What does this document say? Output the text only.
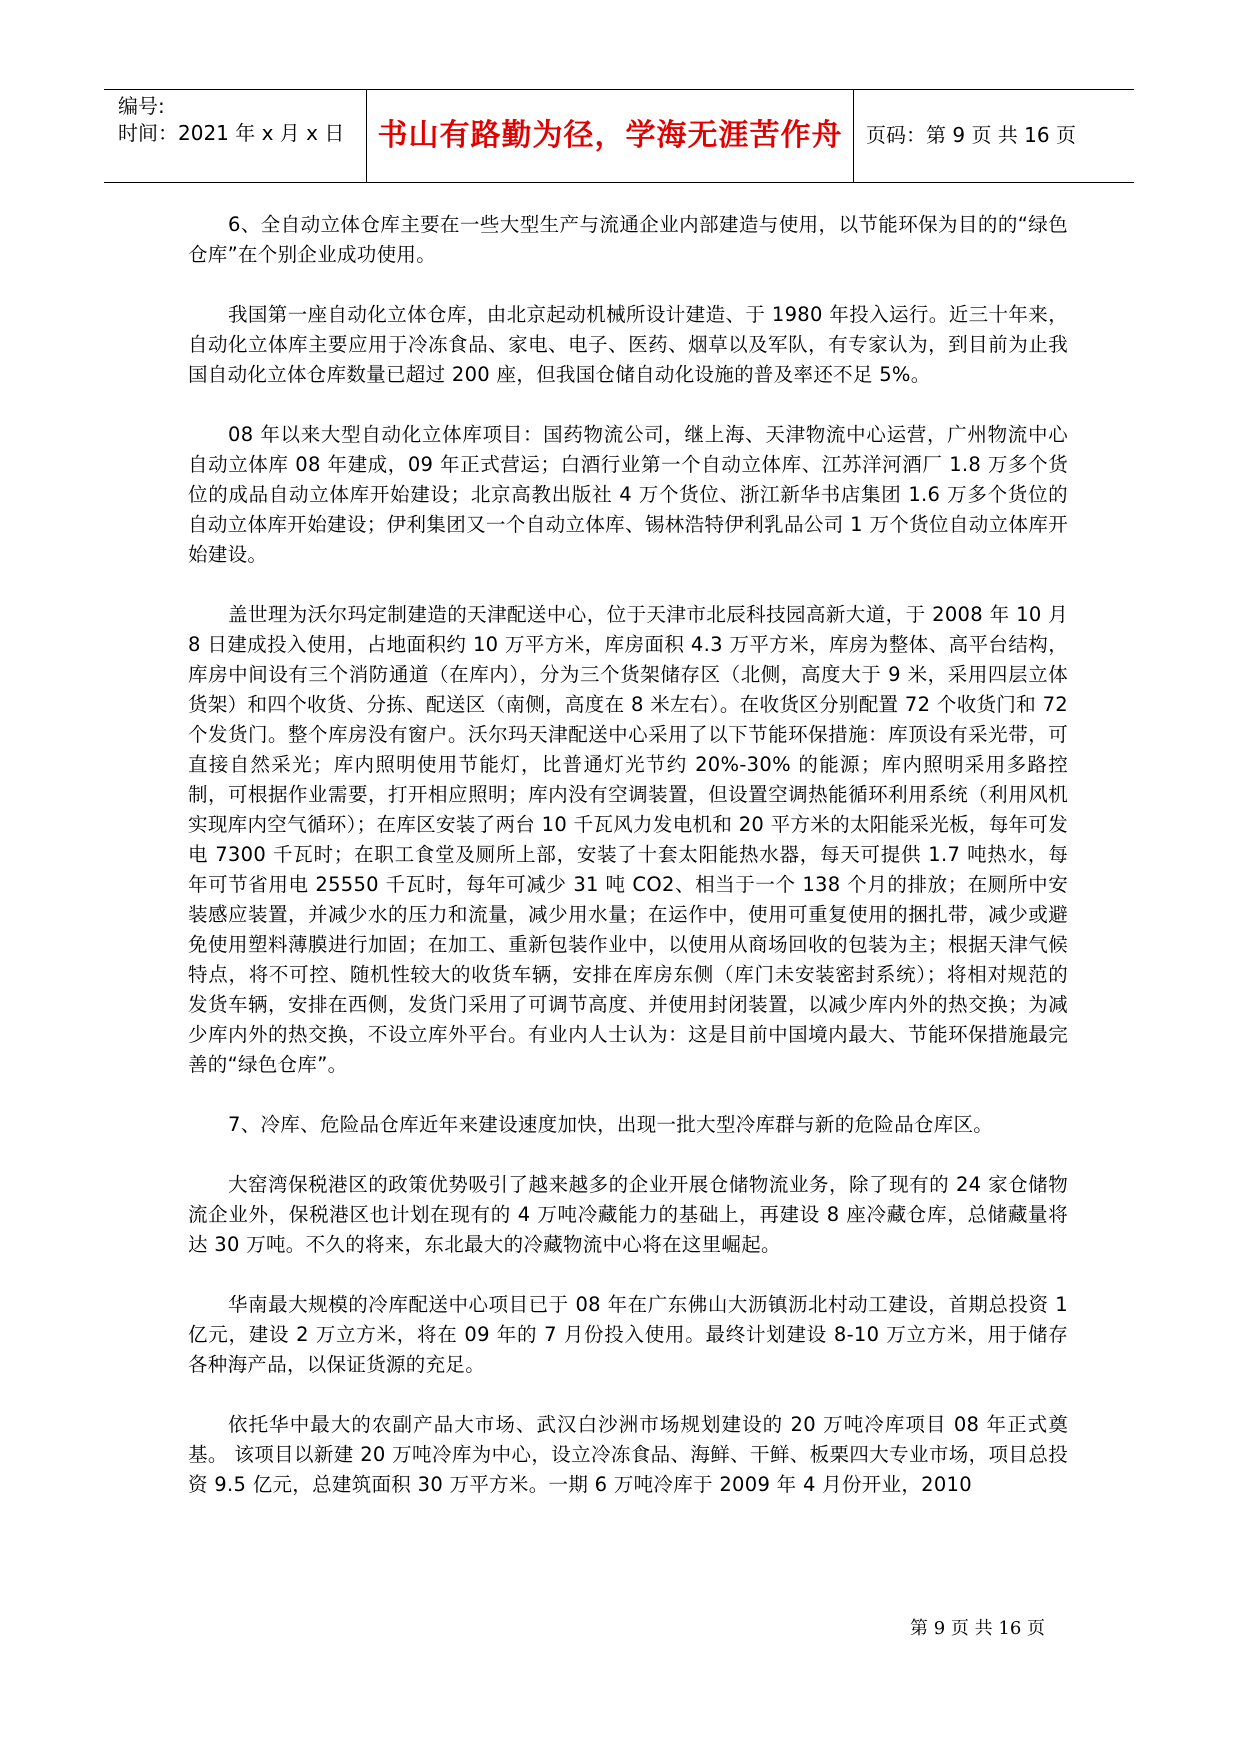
编号:
时间：2021 年 x 月 x 日	书山有路勤为径，学海无涯苦作舟	页码：第 9 页 共 16 页

6、全自动立体仓库主要在一些大型生产与流通企业内部建造与使用，以节能环保为目的的“绿色仓库”在个别企业成功使用。

我国第一座自动化立体仓库，由北京起动机械所设计建造、于 1980 年投入运行。近三十年来，自动化立体库主要应用于冷冻食品、家电、电子、医药、烟草以及军队，有专家认为，到目前为止我国自动化立体仓库数量已超过 200 座，但我国仓储自动化设施的普及率还不足 5%。

08 年以来大型自动化立体库项目：国药物流公司，继上海、天津物流中心运营，广州物流中心自动立体库 08 年建成，09 年正式营运；白酒行业第一个自动立体库、江苏洋河酒厂 1.8 万多个货位的成品自动立体库开始建设；北京高教出版社 4 万个货位、浙江新华书店集团 1.6 万多个货位的自动立体库开始建设；伊利集团又一个自动立体库、锡林浩特伊利乳品公司 1 万个货位自动立体库开始建设。

盖世理为沃尔玛定制建造的天津配送中心，位于天津市北辰科技园高新大道，于 2008 年 10 月 8 日建成投入使用，占地面积约 10 万平方米，库房面积 4.3 万平方米，库房为整体、高平台结构，库房中间设有三个消防通道（在库内），分为三个货架储存区（北侧，高度大于 9 米，采用四层立体货架）和四个收货、分拣、配送区（南侧，高度在 8 米左右）。在收货区分别配置 72 个收货门和 72 个发货门。整个库房没有窗户。沃尔玛天津配送中心采用了以下节能环保措施：库顶设有采光带，可直接自然采光；库内照明使用节能灯，比普通灯光节约 20%-30% 的能源；库内照明采用多路控制，可根据作业需要，打开相应照明；库内没有空调装置，但设置空调热能循环利用系统（利用风机实现库内空气循环）；在库区安装了两台 10 千瓦风力发电机和 20 平方米的太阳能采光板，每年可发电 7300 千瓦时；在职工食堂及厕所上部，安装了十套太阳能热水器，每天可提供 1.7 吨热水，每年可节省用电 25550 千瓦时，每年可减少 31 吨 CO2、相当于一个 138 个月的排放；在厕所中安装感应装置，并减少水的压力和流量，减少用水量；在运作中，使用可重复使用的捆扎带，减少或避免使用塑料薄膜进行加固；在加工、重新包装作业中，以使用从商场回收的包装为主；根据天津气候特点，将不可控、随机性较大的收货车辆，安排在库房东侧（库门未安装密封系统）；将相对规范的发货车辆，安排在西侧，发货门采用了可调节高度、并使用封闭装置，以减少库内外的热交换；为减少库内外的热交换，不设立库外平台。有业内人士认为：这是目前中国境内最大、节能环保措施最完善的“绿色仓库”。

7、冷库、危险品仓库近年来建设速度加快，出现一批大型冷库群与新的危险品仓库区。

大窑湾保税港区的政策优势吸引了越来越多的企业开展仓储物流业务，除了现有的 24 家仓储物流企业外，保税港区也计划在现有的 4 万吨冷藏能力的基础上，再建设 8 座冷藏仓库，总储藏量将达 30 万吨。不久的将来，东北最大的冷藏物流中心将在这里崛起。

华南最大规模的冷库配送中心项目已于 08 年在广东佛山大沥镇沥北村动工建设，首期总投资 1 亿元，建设 2 万立方米，将在 09 年的 7 月份投入使用。最终计划建设 8-10 万立方米，用于储存各种海产品，以保证货源的充足。

依托华中最大的农副产品大市场、武汉白沙洲市场规划建设的 20 万吨冷库项目 08 年正式奠基。 该项目以新建 20 万吨冷库为中心，设立冷冻食品、海鲜、干鲜、板栗四大专业市场，项目总投资 9.5 亿元，总建筑面积 30 万平方米。一期 6 万吨冷库于 2009 年 4 月份开业，2010

第 9 页 共 16 页
